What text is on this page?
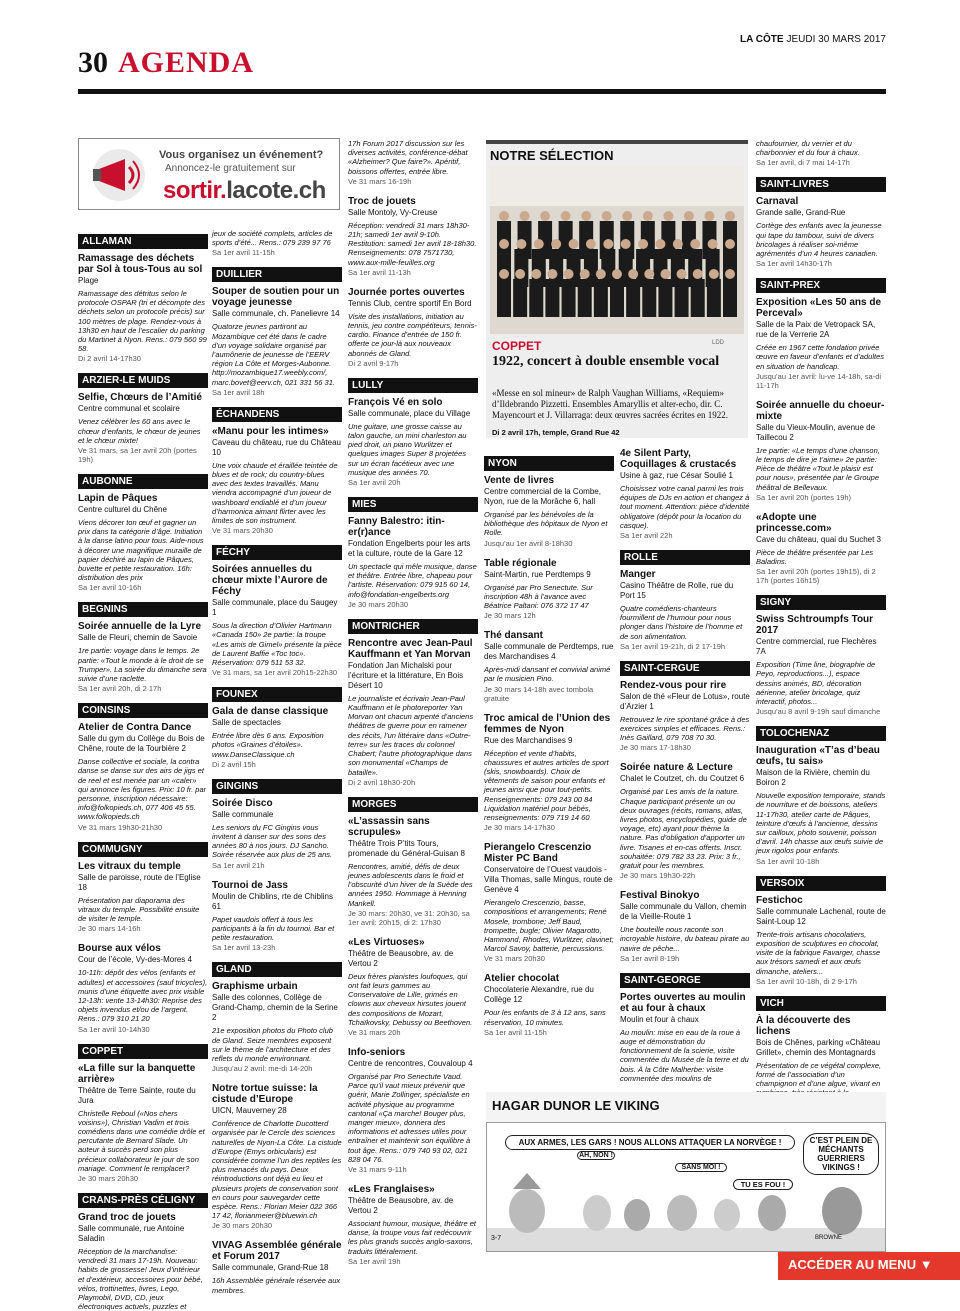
30 AGENDA
LA CÔTE JEUDI 30 MARS 2017
Vous organisez un événement?
Annoncez-le gratuitement sur
sortir.lacote.ch
ALLAMAN
Ramassage des déchets par Sol à tous-Tous au sol
Plage
Ramassage des détritus selon le protocole OSPAR (tri et décompte des déchets selon un protocole précis) sur 100 mètres de plage. Rendez-vous à 13h30 en haut de l’escalier du parking du Martinet à Nyon. Rens.: 079 560 99 58.
Di 2 avril 14-17h30
ARZIER-LE MUIDS
Selfie, Chœurs de l’Amitié
Centre communal et scolaire
Venez célébrer les 60 ans avec le chœur d’enfants, le chœur de jeunes et le chœur mixte!
Ve 31 mars, sa 1er avril 20h (portes 19h)
AUBONNE
Lapin de Pâques
Centre culturel du Chêne
Viens décorer ton œuf et gagner un prix dans ta catégorie d’âge. Initiation à la danse latino pour tous. Aide-nous à décorer une magnifique muraille de papier déchiré au lapin de Pâques, buvette et petite restauration. 16h: distribution des prix
Sa 1er avril 10-16h
BEGNINS
Soirée annuelle de la Lyre
Salle de Fleuri, chemin de Savoie
1re partie: voyage dans le temps. 2e partie: «Tout le monde à le droit de se Trumper». La soirée du dimanche sera suivie d’une raclette.
Sa 1er avril 20h, di 2 17h
COINSINS
Atelier de Contra Dance
Salle du gym du Collège du Bois de Chêne, route de la Tourbière 2
Danse collective et sociale, la contra danse se danse sur des airs de jigs et de reel et est menée par un «caler» qui annonce les figures. Prix: 10 fr. par personne, inscription nécessaire: info@folkopieds.ch, 077 406 45 55. www.folkopieds.ch
Ve 31 mars 19h30-21h30
COMMUGNY
Les vitraux du temple
Salle de paroisse, route de l’Eglise 18
Présentation par diaporama des vitraux du temple. Possibilité ensuite de visiter le temple.
Je 30 mars 14-16h
Bourse aux vélos
Cour de l’école, Vy-des-Mores 4
10-11h: dépôt des vélos (enfants et adultes) et accessoires (sauf tricycles), munis d’une étiquette avec prix visible 12-13h: vente 13-14h30: Reprise des objets invendus et/ou de l’argent. Rens.: 079 310 21 20
Sa 1er avril 10-14h30
COPPET
«La fille sur la banquette arrière»
Théâtre de Terre Sainte, route du Jura
Christelle Reboul («Nos chers voisins»), Christian Vadim et trois comédiens dans une comédie drôle et percutante de Bernard Slade. Un auteur à succès perd son plus précieux collaborateur le jour de son mariage. Comment le remplacer?
Je 30 mars 20h30
CRANS-PRÈS CÉLIGNY
Grand troc de jouets
Salle communale, rue Antoine Saladin
Réception de la marchandise: vendredi 31 mars 17-19h. Nouveau: habits de grossesse! Jeux d’intérieur et d’extérieur, accessoires pour bébé, vélos, trottinettes, livres, Lego, Playmobil, DVD, CD, jeux électroniques actuels, puzzles et
jeux de société complets, articles de sports d’été... Rens.: 079 239 97 76
Sa 1er avril 11-15h
DUILLIER
Souper de soutien pour un voyage jeunesse
Salle communale, ch. Panelievre 14
Quatorze jeunes partiront au Mozambique cet été dans le cadre d’un voyage solidaire organisé par l’aumônerie de jeunesse de l’EERV région La Côte et Morges-Aubonne. http://mozambique17.weebly.com/, marc.bovet@eerv.ch, 021 331 56 31.
Sa 1er avril 18h
ÉCHANDENS
«Manu pour les intimes»
Caveau du château, rue du Château 10
Une voix chaude et éraillée teintée de blues et de rock; du country-blues avec des textes travaillés. Manu viendra accompagné d’un joueur de washboard endiablé et d’un joueur d’harmonica aimant flirter avec les limites de son instrument.
Ve 31 mars 20h30
FÉCHY
Soirées annuelles du chœur mixte l’Aurore de Féchy
Salle communale, place du Saugey 1
Sous la direction d’Olivier Hartmann «Canada 150» 2e partie: la troupe «Les amis de Gimel» présente la pièce de Laurent Baffie «Toc toc». Réservation: 079 511 53 32.
Ve 31 mars, sa 1er avril 20h15-22h30
FOUNEX
Gala de danse classique
Salle de spectacles
Entrée libre dès 6 ans. Exposition photos «Graines d’étoiles». www.DanseClassique.ch
Di 2 avril 15h
GINGINS
Soirée Disco
Salle communale
Les seniors du FC Gingins vous invitent à danser sur des sons des années 80 à nos jours. DJ Sancho. Soirée réservée aux plus de 25 ans.
Sa 1er avril 21h
Tournoi de Jass
Moulin de Chiblins, rte de Chiblins 61
Papet vaudois offert à tous les participants à la fin du tournoi. Bar et petite restauration.
Sa 1er avril 13-23h
GLAND
Graphisme urbain
Salle des colonnes, Collège de Grand-Champ, chemin de la Serine 2
21e exposition photos du Photo club de Gland. Seize membres exposent sur le thème de l’architecture et des reflets du monde environnant.
Jusqu’au 2 avril: me-di 14-20h
Notre tortue suisse: la cistude d’Europe
UICN, Mauverney 28
Conférence de Charlotte Ducotterd organisée par le Cercle des sciences naturelles de Nyon-La Côte. La cistude d’Europe (Emys orbicularis) est considérée comme l’un des reptiles les plus menacés du pays. Deux réintroductions ont déjà eu lieu et plusieurs projets de conservation sont en cours pour sauvegarder cette espèce. Rens.: Florian Meier 022 366 17 42, florianmeier@bluewin.ch
Je 30 mars 20h30
VIVAG Assemblée générale et Forum 2017
Salle communale, Grand-Rue 18
16h Assemblée générale réservée aux membres.
17h Forum 2017 discussion sur les diverses activités, conférence-débat «Alzheimer? Que faire?». Apéritif, boissons offertes, entrée libre.
Ve 31 mars 16-19h
Troc de jouets
Salle Montoly, Vy-Creuse
Réception: vendredi 31 mars 18h30-21h; samedi 1er avril 9-10h. Restitution: samedi 1er avril 18-18h30. Renseignements: 078 7571730, www.aux-mille-feuilles.org
Sa 1er avril 11-13h
Journée portes ouvertes
Tennis Club, centre sportif En Bord
Visite des installations, initiation au tennis, jeu contre compétiteurs, tennis-cardio. Finance d’entrée de 150 fr. offerte ce jour-là aux nouveaux abonnés de Gland.
Di 2 avril 9-17h
LULLY
François Vé en solo
Salle communale, place du Village
Une guitare, une grosse caisse au talon gauche, un mini charleston au pied droit, un piano Wurlitzer et quelques images Super 8 projetées sur un écran facétieux avec une musique des années 70.
Sa 1er avril 20h
MIES
Fanny Balestro: itin-er(r)ance
Fondation Engelberts pour les arts et la culture, route de la Gare 12
Un spectacle qui mêle musique, danse et théâtre. Entrée libre, chapeau pour l’artiste. Réservation: 079 915 60 14, info@fondation-engelberts.org
Je 30 mars 20h30
MONTRICHER
Rencontre avec Jean-Paul Kauffmann et Yan Morvan
Fondation Jan Michalski pour l’écriture et la littérature, En Bois Désert 10
Le journaliste et écrivain Jean-Paul Kauffmann et le photoreporter Yan Morvan ont chacun arpenté d’anciens théâtres de guerre pour en ramener des récits, l’un littéraire dans «Outre-terre» sur les traces du colonnel Chabert; l’autre photographique dans son monumental «Champs de bataille».
Di 2 avril 18h30-20h
MORGES
«L’assassin sans scrupules»
Théâtre Trois P’tits Tours, promenade du Général-Guisan 8
Rencontres, amitié, défis de deux jeunes adolescents dans le froid et l’obscurité d’un hiver de la Suède des années 1950. Hommage à Henning Mankell.
Je 30 mars: 20h30, ve 31: 20h30, sa 1er avril: 20h15, di 2: 17h30
«Les Virtuoses»
Théâtre de Beausobre, av. de Vertou 2
Deux frères pianistes loufoques, qui ont fait leurs gammes au Conservatoire de Lille, grimés en clowns aux cheveux hirsutes jouent des compositions de Mozart, Tchaïkovsky, Debussy ou Beethoven.
Ve 31 mars 20h
Info-seniors
Centre de rencontres, Couvaloup 4
Organisé par Pro Senectute Vaud. Parce qu’il vaut mieux prévenir que guérir, Marie Zollinger, spécialiste en activité physique au programme cantonal «Ça marche! Bouger plus, manger mieux», donnera des informations et adresses utiles pour entraîner et maintenir son équilibre à tout âge. Rens.: 079 740 93 02, 021 828 04 76.
Ve 31 mars 9-11h
«Les Franglaises»
Théâtre de Beausobre, av. de Vertou 2
Associant humour, musique, théâtre et danse, la troupe vous fait redécouvrir les plus grands succès anglo-saxons, traduits littéralement.
Sa 1er avril 19h
NYON
Vente de livres
Centre commercial de la Combe, Nyon, rue de la Morâche 6, hall
Organisé par les bénévoles de la bibliothèque des hôpitaux de Nyon et Rolle.
Jusqu’au 1er avril 8-18h30
Table régionale
Saint-Martin, rue Perdtemps 9
Organisé par Pro Senectute. Sur inscription 48h à l’avance avec Béatrice Paltani: 076 372 17 47
Je 30 mars 12h
Thé dansant
Salle communale de Perdtemps, rue des Marchandises 4
Après-midi dansant et convivial animé par le musicien Pino.
Je 30 mars 14-18h avec tombola gratuite
Troc amical de l’Union des femmes de Nyon
Rue des Marchandises 9
Réception et vente d’habits, chaussures et autres articles de sport (skis, snowboards). Choix de vêtements de saison pour enfants et jeunes ainsi que pour tout-petits. Renseignements: 079 243 00 84 Liquidation matériel pour bébés, renseignements: 079 719 14 60
Je 30 mars 14-17h30
Pierangelo Crescenzio Mister PC Band
Conservatoire de l’Ouest vaudois - Villa Thomas, salle Mingus, route de Genève 4
Pierangelo Crescenzio, basse, compositions et arrangements; René Mosele, trombone; Jeff Baud, trompette, bugle; Olivier Magarotto, Hammond, Rhodes, Wurlitzer, clavinet; Marcol Savoy, batterie, percussions.
Ve 31 mars 20h30
Atelier chocolat
Chocolaterie Alexandre, rue du Collège 12
Pour les enfants de 3 à 12 ans, sans réservation, 10 minutes.
Sa 1er avril 11-15h
4e Silent Party, Coquillages & crustacés
Usine à gaz, rue César Soulié 1
Choisissez votre canal parmi les trois équipes de DJs en action et changez à tout moment. Attention: pièce d’identité obligatoire (dépôt pour la location du casque).
Sa 1er avril 22h
ROLLE
Manger
Casino Théâtre de Rolle, rue du Port 15
Quatre comédiens-chanteurs fourmillent de l’humour pour nous plonger dans l’histoire de l’homme et de son alimentation.
Sa 1er avril 19-21h, di 2 17-19h
SAINT-CERGUE
Rendez-vous pour rire
Salon de thé «Fleur de Lotus», route d’Arzier 1
Retrouvez le rire spontané grâce à des exercices simples et efficaces. Rens.: Inès Gaillard, 079 708 70 30.
Je 30 mars 17-18h30
Soirée nature & Lecture
Chalet le Coutzet, ch. du Coutzet 6
Organisé par Les amis de la nature. Chaque participant présente un ou deux ouvrages (récits, romans, atlas, livres photos, encyclopédies, guide de voyage, etc) ayant pour thème la nature. Pas d’obligation d’apporter un livre. Tisanes et en-cas offerts. Inscr. souhaitée: 079 782 33 23. Prix: 3 fr., gratuit pour les membres.
Je 30 mars 19h30-22h
Festival Binokyo
Salle communale du Vallon, chemin de la Vieille-Route 1
Une bouteille nous raconte son incroyable histoire, du bateau pirate au navire de pêche...
Sa 1er avril 8-19h
SAINT-GEORGE
Portes ouvertes au moulin et au four à chaux
Moulin et four à chaux
Au moulin: mise en eau de la roue à auge et démonstration du fonctionnement de la scierie, visite commentée du Musée de la terre et du bois. À la Côte Malherbe: visite commentée des moulins de
chaufournier, du verrier et du charbonnier et du four à chaux.
Sa 1er avril, di 7 mai 14-17h
SAINT-LIVRES
Carnaval
Grande salle, Grand-Rue
Cortège des enfants avec la jeunesse qui tape du tambour, suivi de divers bricolages à réaliser soi-même agrémentés d’un 4 heures canadien.
Sa 1er avril 14h30-17h
SAINT-PREX
Exposition «Les 50 ans de Perceval»
Salle de la Paix de Vetropack SA, rue de la Verrerie 2A
Créée en 1967 cette fondation privée œuvre en faveur d’enfants et d’adultes en situation de handicap.
Jusqu’au 1er avril: lu-ve 14-18h, sa-di 11-17h
Soirée annuelle du choeur-mixte
Salle du Vieux-Moulin, avenue de Taillecou 2
1re partie: «Le temps d’une chanson, le temps de dire je t’aime» 2e partie: Pièce de théâtre «Tout le plaisir est pour nous», présentée par le Groupe théâtral de Bellevaux.
Sa 1er avril 20h (portes 19h)
«Adopte une princesse.com»
Cave du château, quai du Suchet 3
Pièce de théâtre présentée par Les Baladins.
Sa 1er avril 20h (portes 19h15), di 2 17h (portes 16h15)
SIGNY
Swiss Schtroumpfs Tour 2017
Centre commercial, rue Flechères 7A
Exposition (Time line, biographie de Peyo, reproductions...), espace dessins animés, BD, décoration aérienne, atelier bricolage, quiz interactif, photos...
Jusqu’au 8 avril 9-19h sauf dimanche
TOLOCHENAZ
Inauguration «T’as d’beau œufs, tu sais»
Maison de la Rivière, chemin du Boiron 2
Nouvelle exposition temporaire, stands de nourriture et de boissons, ateliers 11-17h30, atelier carte de Pâques, teinture d’œufs à l’ancienne, dessins sur cailloux, photo souvenir, poisson d’avril. 14h chasse aux œufs suivie de jeux rigolos pour enfants.
Sa 1er avril 10-18h
VERSOIX
Festichoc
Salle communale Lachenal, route de Saint-Loup 12
Trente-trois artisans chocolatiers, exposition de sculptures en chocolat, visite de la fabrique Favarger, chasse aux trésors samedi et aux œufs dimanche, ateliers...
Sa 1er avril 10-18h, di 2 9-17h
VICH
À la découverte des lichens
Bois de Chênes, parking «Château Grillet», chemin des Montagnards
Présentation de ce végétal complexe, formé de l’association d’un champignon et d’une algue, vivant en
NOTRE SÉLECTION
LDD
COPPET
1922, concert à double ensemble vocal
«Messe en sol mineur» de Ralph Vaughan Williams, «Requiem» d’Ildebrando Pizzetti. Ensembles Amaryllis et alter-echo, dir. C. Mayencourt et J. Villarraga: deux œuvres sacrées écrites en 1922.
Di 2 avril 17h, temple, Grand Rue 42
HAGAR DUNOR LE VIKING
AUX ARMES, LES GARS ! NOUS ALLONS ATTAQUER LA NORVÈGE !
AH, NON !
SANS MOI !
TU ES FOU !
C’EST PLEIN DE MÉCHANTS GUERRIERS VIKINGS !
3-7	BROWNE
ACCÉDER AU MENU ▼
